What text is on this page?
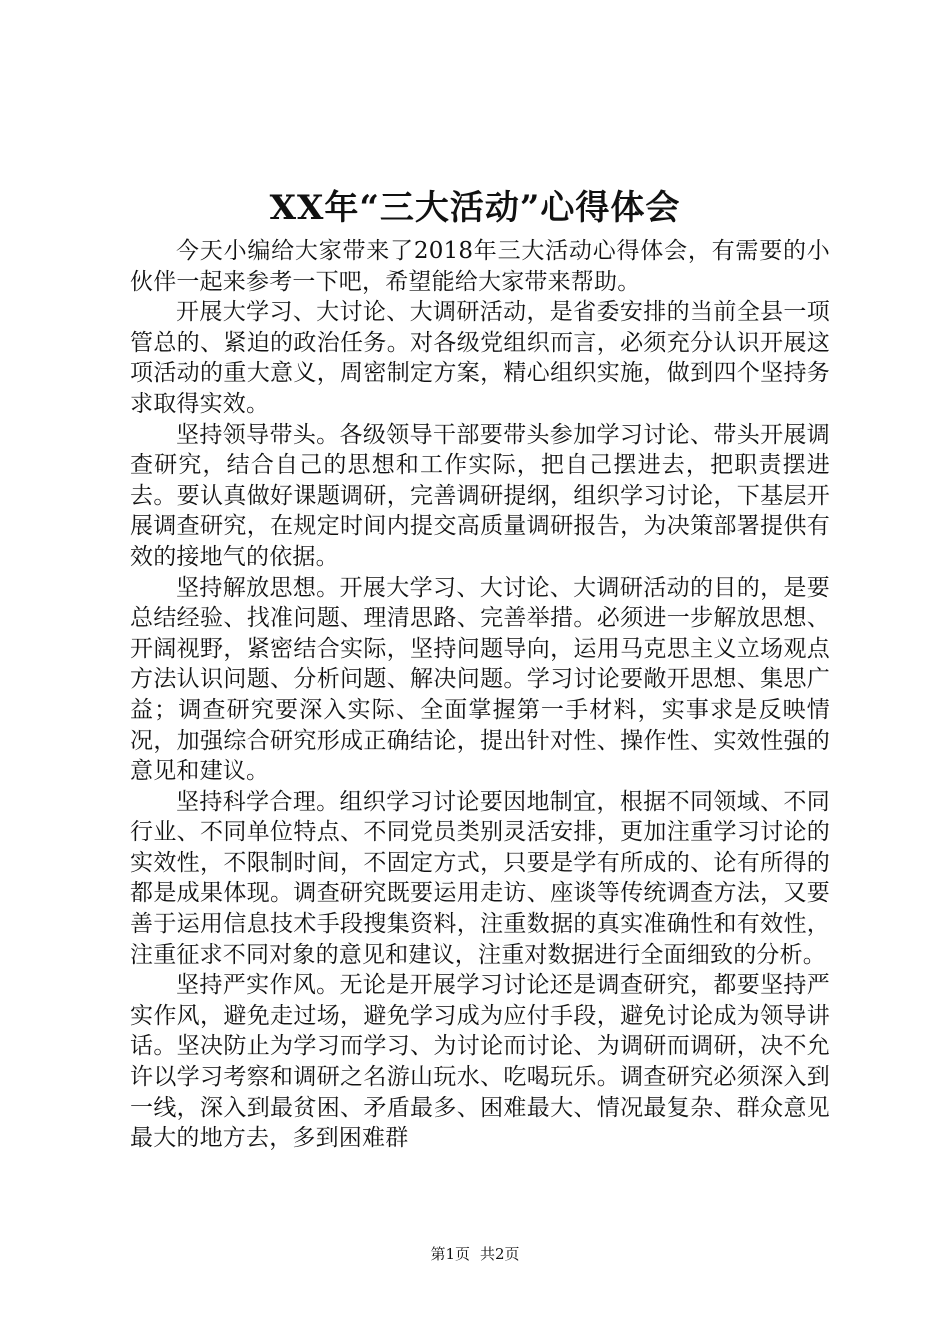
XX年“三大活动”心得体会

今天小编给大家带来了2018年三大活动心得体会，有需要的小伙伴一起来参考一下吧，希望能给大家带来帮助。

开展大学习、大讨论、大调研活动，是省委安排的当前全县一项管总的、紧迫的政治任务。对各级党组织而言，必须充分认识开展这项活动的重大意义，周密制定方案，精心组织实施，做到四个坚持务求取得实效。

坚持领导带头。各级领导干部要带头参加学习讨论、带头开展调查研究，结合自己的思想和工作实际，把自己摆进去，把职责摆进去。要认真做好课题调研，完善调研提纲，组织学习讨论，下基层开展调查研究，在规定时间内提交高质量调研报告，为决策部署提供有效的接地气的依据。

坚持解放思想。开展大学习、大讨论、大调研活动的目的，是要总结经验、找准问题、理清思路、完善举措。必须进一步解放思想、开阔视野，紧密结合实际，坚持问题导向，运用马克思主义立场观点方法认识问题、分析问题、解决问题。学习讨论要敞开思想、集思广益；调查研究要深入实际、全面掌握第一手材料，实事求是反映情况，加强综合研究形成正确结论，提出针对性、操作性、实效性强的意见和建议。

坚持科学合理。组织学习讨论要因地制宜，根据不同领域、不同行业、不同单位特点、不同党员类别灵活安排，更加注重学习讨论的实效性，不限制时间，不固定方式，只要是学有所成的、论有所得的都是成果体现。调查研究既要运用走访、座谈等传统调查方法，又要善于运用信息技术手段搜集资料，注重数据的真实准确性和有效性，注重征求不同对象的意见和建议，注重对数据进行全面细致的分析。

坚持严实作风。无论是开展学习讨论还是调查研究，都要坚持严实作风，避免走过场，避免学习成为应付手段，避免讨论成为领导讲话。坚决防止为学习而学习、为讨论而讨论、为调研而调研，决不允许以学习考察和调研之名游山玩水、吃喝玩乐。调查研究必须深入到一线，深入到最贫困、矛盾最多、困难最大、情况最复杂、群众意见最大的地方去，多到困难群

第1页 共2页
